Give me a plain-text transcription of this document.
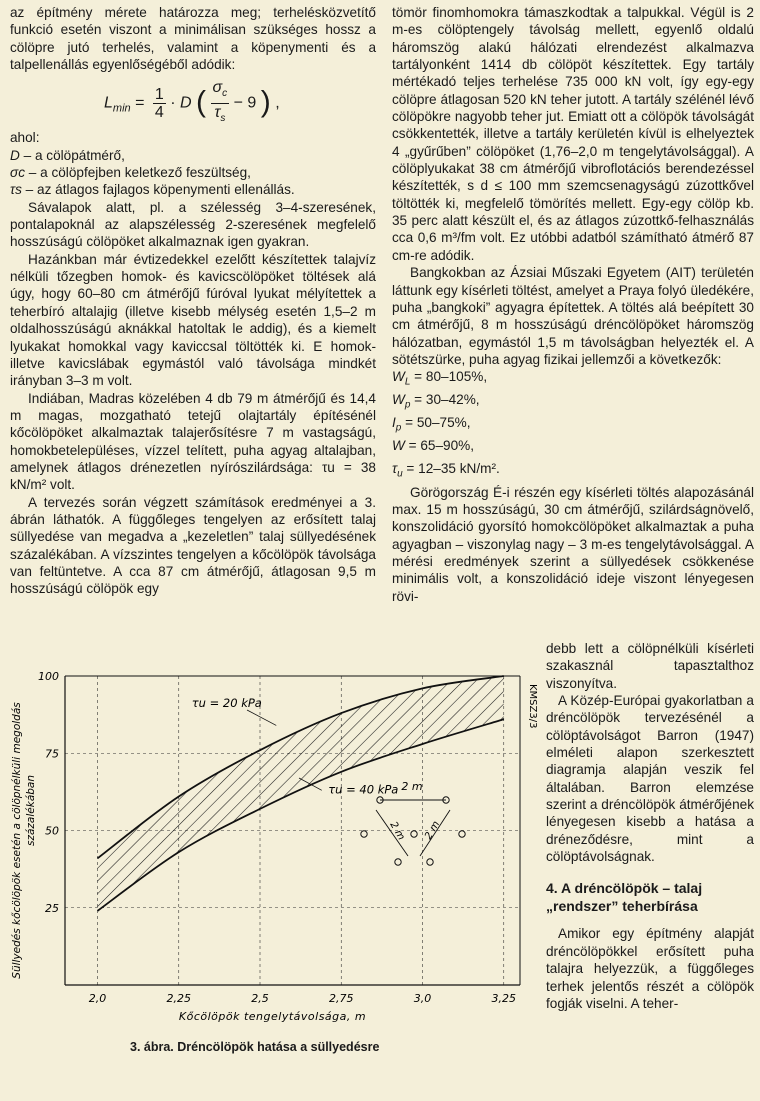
az építmény mérete határozza meg; terhelésközvetítő funkció esetén viszont a minimálisan szükséges hossz a cölöpre jutó terhelés, valamint a köpenymenti és a talpellenállás egyenlőségéből adódik:

$L_{min} = \frac{1}{4} \cdot D$ ( $\frac{\sigma_c}{\tau_s} - 9$ ) ,
ahol:
D – a cölöpátmérő,
σc – a cölöpfejben keletkező feszültség,
τs – az átlagos fajlagos köpenymenti ellenállás.

Sávalapok alatt, pl. a szélesség 3–4-szeresének, pontalapoknál az alapszélesség 2-szeresének megfelelő hosszúságú cölöpöket alkalmaznak igen gyakran.

Hazánkban már évtizedekkel ezelőtt készítettek talajvíz nélküli tőzegben homok- és kavicscölöpöket töltések alá úgy, hogy 60–80 cm átmérőjű fúróval lyukat mélyítettek a teherbíró altalajig (illetve kisebb mélység esetén 1,5–2 m oldalhosszúságú aknákkal hatoltak le addig), és a kiemelt lyukakat homokkal vagy kaviccsal töltötték ki. E homok- illetve kavicslábak egymástól való távolsága mindkét irányban 3–3 m volt.

Indiában, Madras közelében 4 db 79 m átmérőjű és 14,4 m magas, mozgatható tetejű olajtartály építésénél kőcölöpöket alkalmaztak talajerősítésre 7 m vastagságú, homokbetelepüléses, vízzel telített, puha agyag altalajban, amelynek átlagos drénezetlen nyírószilárdsága: τu = 38 kN/m² volt.

A tervezés során végzett számítások eredményei a 3. ábrán láthatók. A függőleges tengelyen az erősített talaj süllyedése van megadva a „kezeletlen” talaj süllyedésének százalékában. A vízszintes tengelyen a kőcölöpök távolsága van feltüntetve. A cca 87 cm átmérőjű, átlagosan 9,5 m hosszúságú cölöpök egy

tömör finomhomokra támaszkodtak a talpukkal. Végül is 2 m-es cölöptengely távolság mellett, egyenlő oldalú háromszög alakú hálózati elrendezést alkalmazva tartályonként 1414 db cölöpöt készítettek. Egy tartály mértékadó teljes terhelése 735 000 kN volt, így egy-egy cölöpre átlagosan 520 kN teher jutott. A tartály szélénél lévő cölöpökre nagyobb teher jut. Emiatt ott a cölöpök távolságát csökkentették, illetve a tartály kerületén kívül is elhelyeztek 4 „gyűrűben” cölöpöket (1,76–2,0 m tengelytávolsággal). A cölöplyukakat 38 cm átmérőjű vibroflotációs berendezéssel készítették, s d ≤ 100 mm szemcsenagyságú zúzottkővel töltötték ki, megfelelő tömörítés mellett. Egy-egy cölöp kb. 35 perc alatt készült el, és az átlagos zúzottkő-felhasználás cca 0,6 m³/fm volt. Ez utóbbi adatból számítható átmérő 87 cm-re adódik.

Bangkokban az Ázsiai Műszaki Egyetem (AIT) területén láttunk egy kísérleti töltést, amelyet a Praya folyó üledékére, puha „bangkoki” agyagra építettek. A töltés alá beépített 30 cm átmérőjű, 8 m hosszúságú dréncölöpöket háromszög hálózatban, egymástól 1,5 m távolságban helyezték el. A sötétszürke, puha agyag fizikai jellemzői a következők:

$W_L = 80-105\%$,
$W_p = 30-42\%$,
$I_p = 50-75\%$,
W = 65–90%,
$\tau_u = 12-35$ kN/m².

Görögország É-i részén egy kísérleti töltés alapozásánál max. 15 m hosszúságú, 30 cm átmérőjű, szilárdságnövelő, konszolidáció gyorsító homokcölöpöket alkalmaztak a puha agyagban – viszonylag nagy – 3 m-es tengelytávolsággal. A mérési eredmények szerint a süllyedések csökkenése minimális volt, a konszolidáció ideje viszont lényegesen rövi-

debb lett a cölöpnélküli kísérleti szakasznál tapasztalthoz viszonyítva.

A Közép-Európai gyakorlatban a dréncölöpök tervezésénél a cölöptávolságot Barron (1947) elméleti alapon szerkesztett diagramja alapján veszik fel általában. Barron elemzése szerint a dréncölöpök átmérőjének lényegesen kisebb a hatása a dréneződésre, mint a cölöptávolságnak.

4. A dréncölöpök – talaj „rendszer” teherbírása

Amikor egy építmény alapját dréncölöpökkel erősített puha talajra helyezzük, a függőleges terhek jelentős részét a cölöpök fogják viselni. A teher-

2,0	2,25	2,5	2,75	3,0	3,25
25
50
75
100
Kőcölöpök tengelytávolsága, m
Süllyedés kőcölöpök esetén a cölöpnélküli megoldás százalékában
τu = 20 kPa
τu = 40 kPa
KMSZ3/3
2 m
2 m 2 m
3. ábra. Dréncölöpök hatása a süllyedésre
